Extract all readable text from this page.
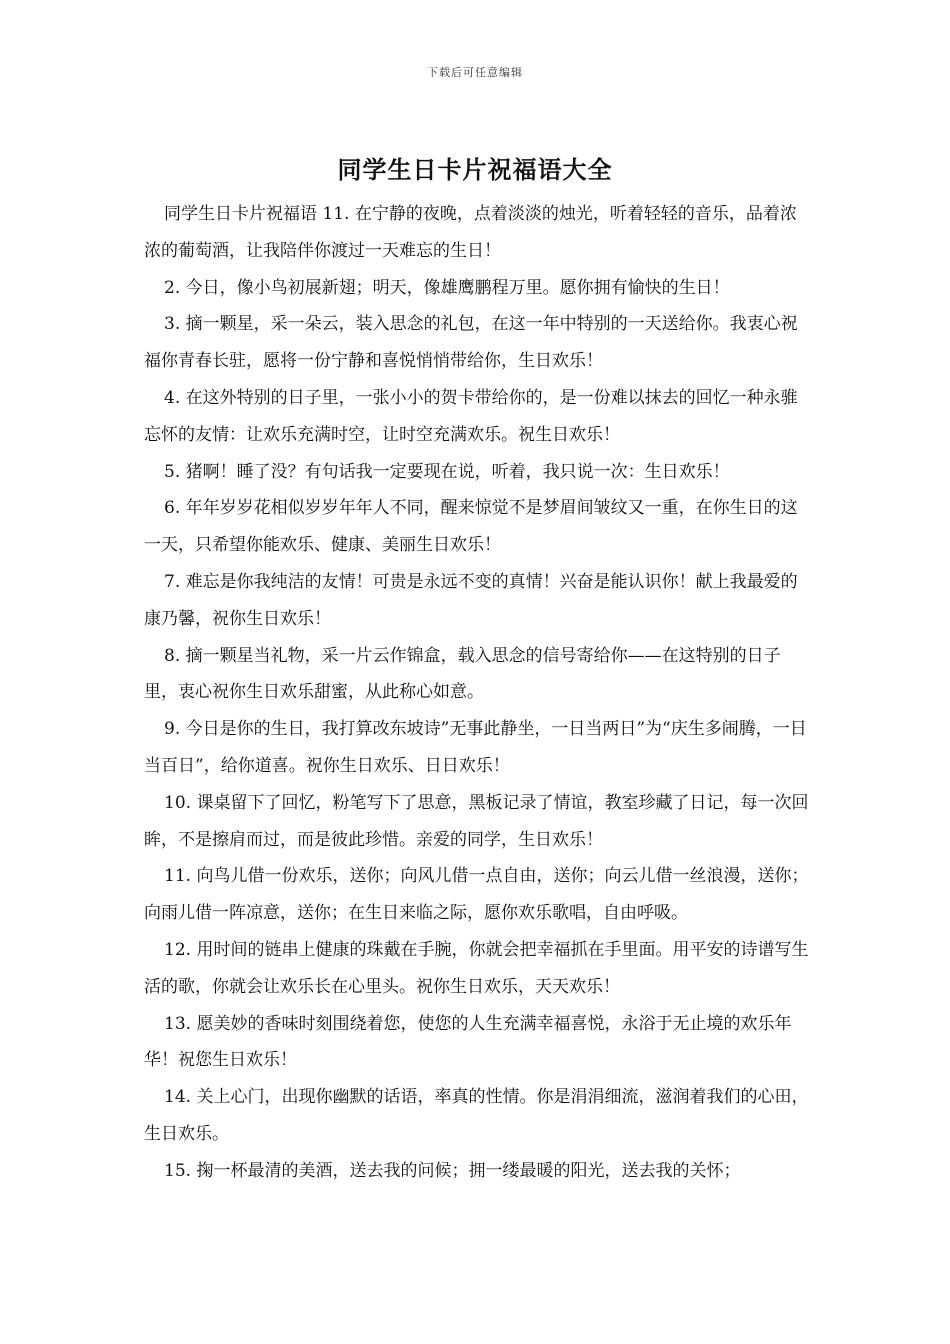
下载后可任意编辑
同学生日卡片祝福语大全

同学生日卡片祝福语 11. 在宁静的夜晚，点着淡淡的烛光，听着轻轻的音乐，品着浓浓的葡萄酒，让我陪伴你渡过一天难忘的生日！

2. 今日，像小鸟初展新翅；明天，像雄鹰鹏程万里。愿你拥有愉快的生日！

3. 摘一颗星，采一朵云，装入思念的礼包，在这一年中特别的一天送给你。我衷心祝福你青春长驻，愿将一份宁静和喜悦悄悄带给你，生日欢乐！

4. 在这外特别的日子里，一张小小的贺卡带给你的，是一份难以抹去的回忆一种永骓忘怀的友情：让欢乐充满时空，让时空充满欢乐。祝生日欢乐！

5. 猪啊！睡了没？有句话我一定要现在说，听着，我只说一次：生日欢乐！

6. 年年岁岁花相似岁岁年年人不同，醒来惊觉不是梦眉间皱纹又一重，在你生日的这一天，只希望你能欢乐、健康、美丽生日欢乐！

7. 难忘是你我纯洁的友情！可贵是永远不变的真情！兴奋是能认识你！献上我最爱的康乃馨，祝你生日欢乐！

8. 摘一颗星当礼物，采一片云作锦盒，载入思念的信号寄给你——在这特别的日子里，衷心祝你生日欢乐甜蜜，从此称心如意。

9. 今日是你的生日，我打算改东坡诗”无事此静坐，一日当两日”为“庆生多闹腾，一日当百日”，给你道喜。祝你生日欢乐、日日欢乐！

10. 课桌留下了回忆，粉笔写下了思意，黑板记录了情谊，教室珍藏了日记，每一次回眸，不是擦肩而过，而是彼此珍惜。亲爱的同学，生日欢乐！

11. 向鸟儿借一份欢乐，送你；向风儿借一点自由，送你；向云儿借一丝浪漫，送你；向雨儿借一阵凉意，送你；在生日来临之际，愿你欢乐歌唱，自由呼吸。

12. 用时间的链串上健康的珠戴在手腕，你就会把幸福抓在手里面。用平安的诗谱写生活的歌，你就会让欢乐长在心里头。祝你生日欢乐，天天欢乐！

13. 愿美妙的香味时刻围绕着您，使您的人生充满幸福喜悦，永浴于无止境的欢乐年华！祝您生日欢乐！

14. 关上心门，出现你幽默的话语，率真的性情。你是涓涓细流，滋润着我们的心田，生日欢乐。

15. 掬一杯最清的美酒，送去我的问候；拥一缕最暖的阳光，送去我的关怀；
